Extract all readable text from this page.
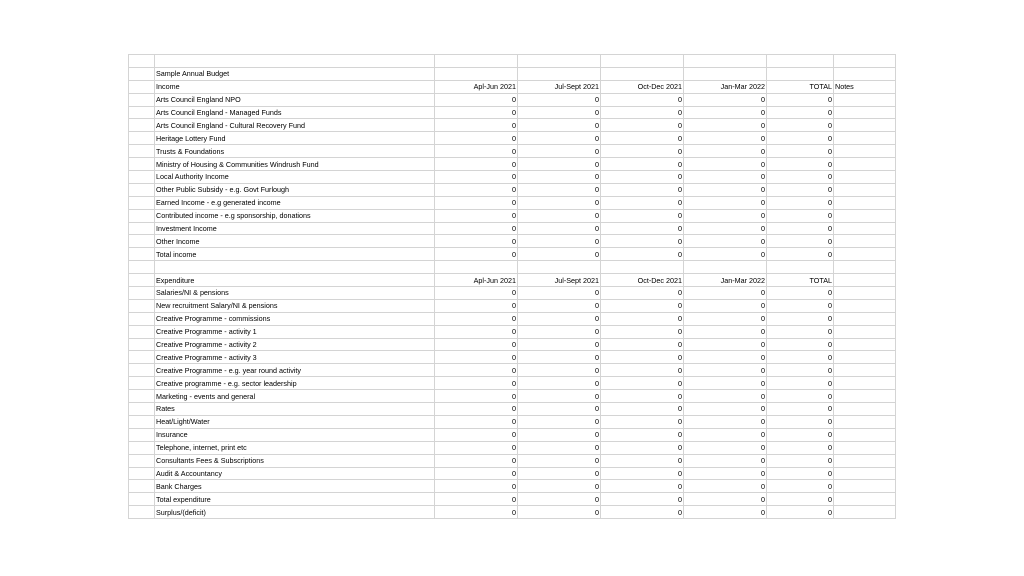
	Sample Annual Budget						
	Income	Apl-Jun 2021	Jul-Sept 2021	Oct-Dec 2021	Jan-Mar 2022	TOTAL	Notes
	Arts Council England NPO	0	0	0	0	0	
	Arts Council England - Managed Funds	0	0	0	0	0	
	Arts Council England - Cultural Recovery Fund	0	0	0	0	0	
	Heritage Lottery Fund	0	0	0	0	0	
	Trusts & Foundations	0	0	0	0	0	
	Ministry of Housing & Communities Windrush Fund	0	0	0	0	0	
	Local Authority Income	0	0	0	0	0	
	Other Public Subsidy - e.g. Govt Furlough	0	0	0	0	0	
	Earned Income - e.g generated income	0	0	0	0	0	
	Contributed income - e.g sponsorship, donations	0	0	0	0	0	
	Investment Income	0	0	0	0	0	
	Other Income	0	0	0	0	0	
	Total income	0	0	0	0	0	

	Expenditure	Apl-Jun 2021	Jul-Sept 2021	Oct-Dec 2021	Jan-Mar 2022	TOTAL	
	Salaries/NI & pensions	0	0	0	0	0	
	New recruitment Salary/NI & pensions	0	0	0	0	0	
	Creative Programme - commissions	0	0	0	0	0	
	Creative Programme - activity 1	0	0	0	0	0	
	Creative Programme - activity 2	0	0	0	0	0	
	Creative Programme - activity 3	0	0	0	0	0	
	Creative Programme - e.g. year round activity	0	0	0	0	0	
	Creative programme - e.g. sector leadership	0	0	0	0	0	
	Marketing - events and general	0	0	0	0	0	
	Rates	0	0	0	0	0	
	Heat/Light/Water	0	0	0	0	0	
	Insurance	0	0	0	0	0	
	Telephone, internet, print etc	0	0	0	0	0	
	Consultants Fees & Subscriptions	0	0	0	0	0	
	Audit & Accountancy	0	0	0	0	0	
	Bank Charges	0	0	0	0	0	
	Total expenditure	0	0	0	0	0	
	Surplus/(deficit)	0	0	0	0	0	
